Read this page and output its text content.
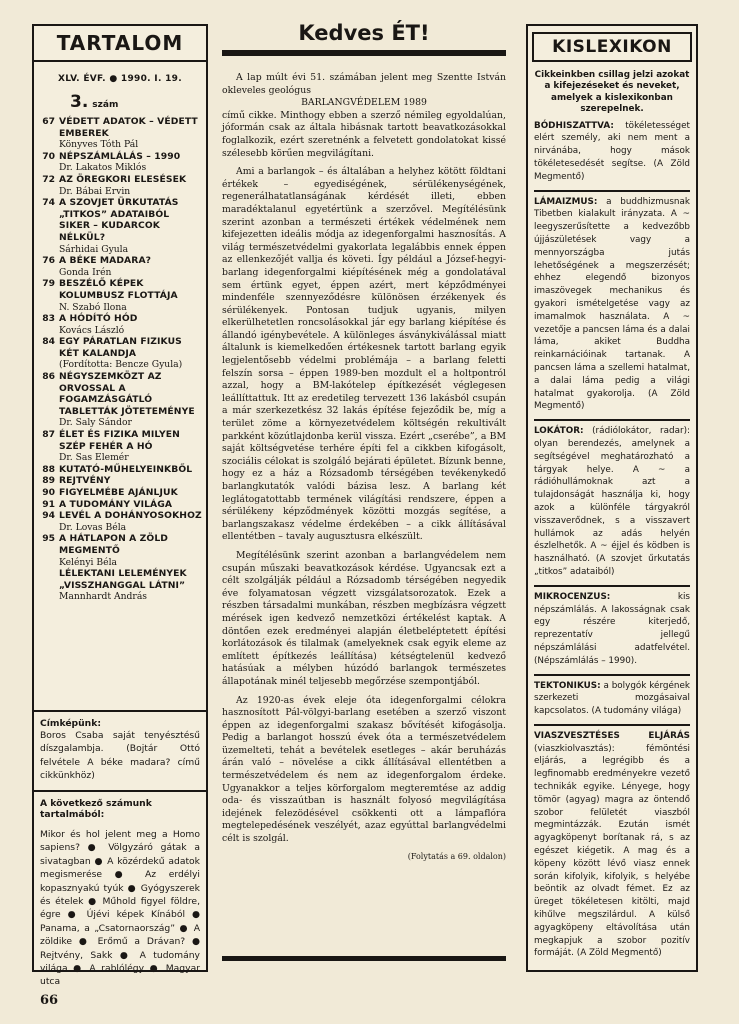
TARTALOM
XLV. ÉVF. ● 1990. I. 19.
3. szám
67 VÉDETT ADATOK – VÉDETT EMBEREK
Könyves Tóth Pál
70 NÉPSZÁMLÁLÁS – 1990
Dr. Lakatos Miklós
72 AZ ÖREGKORI ELESÉSEK
Dr. Bábai Ervin
74 A SZOVJET ÜRKUTATÁS „TITKOS” ADATAIBÓL SIKER – KUDARCOK NÉLKÜL?
Sárhidai Gyula
76 A BÉKE MADARA?
Gonda Irén
79 BESZÉLŐ KÉPEK KOLUMBUSZ FLOTTÁJA
N. Szabó Ilona
83 A HÓDÍTÓ HÓD
Kovács László
84 EGY PÁRATLAN FIZIKUS KÉT KALANDJA
(Fordította: Bencze Gyula)
86 NÉGYSZEMKÖZT AZ ORVOSSAL A FOGAMZÁSGÁTLÓ TABLETTÁK JÖTETEMÉNYE
Dr. Saly Sándor
87 ÉLET ÉS FIZIKA MILYEN SZÉP FEHÉR A HÓ
Dr. Sas Elemér
88 KUTATÓ-MŰHELYEINKBŐL
89 REJTVÉNY
90 FIGYELMÉBE AJÁNLJUK
91 A TUDOMÁNY VILÁGA
94 LEVÉL A DOHÁNYOSOKHOZ
Dr. Lovas Béla
95 A HÁTLAPON A ZÖLD MEGMENTŐ
Kelényi Béla
LÉLEKTANI LELEMÉNYEK „VISSZHANGGAL LÁTNI”
Mannhardt András
Címképünk:
Boros Csaba saját tenyésztésű díszgalambja. (Bojtár Ottó felvétele A béke madara? című cikkünkhöz)
A következő számunk tartalmából:
Mikor és hol jelent meg a Homo sapiens? ● Völgyzáró gátak a sivatagban ● A közérdekű adatok megismerése ● Az erdélyi kopasznyakú tyúk ● Gyógyszerek és ételek ● Műhold figyel földre, égre ● Újévi képek Kínából ● Panama, a „Csatornaország” ● A zöldike ● Erőmű a Drávan? ● Rejtvény, Sakk ● A tudomány világa ● A rablólégy ● Magyar utca
Kedves ÉT!

A lap múlt évi 51. számában jelent meg Szentte István okleveles geológus

BARLANGVÉDELEM 1989

című cikke. Minthogy ebben a szerző némileg egyoldalúan, jóformán csak az általa hibásnak tartott beavatkozásokkal foglalkozik, ezért szeretnénk a felvetett gondolatokat kissé szélesebb körűen megvilágítani.

Ami a barlangok – és általában a helyhez kötött földtani értékek – egyediségének, sérülékenységének, regenerálhatatlanságának kérdését illeti, ebben maradéktalanul egyetértünk a szerzővel. Megítélésünk szerint azonban a természeti értékek védelmének nem kifejezetten ideális módja az idegenforgalmi hasznosítás. A világ természetvédelmi gyakorlata legalábbis ennek éppen az ellenkezőjét vallja és követi. Így például a József-hegyi-barlang idegenforgalmi kiépítésének még a gondolatával sem értünk egyet, éppen azért, mert képződményei mindenféle szennyeződésre különösen érzékenyek és sérülékenyek. Pontosan tudjuk ugyanis, milyen elkerülhetetlen roncsolásokkal jár egy barlang kiépítése és állandó igénybevétele. A különleges ásványkiválással miatt általunk is kiemelkedően értékesnek tartott barlang egyik legjelentősebb védelmi problémája – a barlang feletti felszín sorsa – éppen 1989-ben mozdult el a holtpontról azzal, hogy a BM-lakótelep építkezését véglegesen leállíttattuk. Itt az eredetileg tervezett 136 lakásból csupán a már szerkezetkész 32 lakás építése fejeződik be, míg a terület zöme a környezetvédelem költségén rekultivált parkként közútlajdonba kerül vissza. Ezért „cserébe”, a BM saját költségvetése terhére építi fel a cikkben kifogásolt, szociális célokat is szolgáló bejárati épületet. Bízunk benne, hogy ez a ház a Rózsadomb térségében tevékenykedő barlangkutatók valódi bázisa lesz. A barlang két leglátogatottabb termének világítási rendszere, éppen a sérülékeny képződmények közötti mozgás segítése, a barlangszakasz védelme érdekében – a cikk állításával ellentétben – tavaly augusztusra elkészült.

Megítélésünk szerint azonban a barlangvédelem nem csupán műszaki beavatkozások kérdése. Ugyancsak ezt a célt szolgálják például a Rózsadomb térségében negyedik éve folyamatosan végzett vizsgálatsorozatok. Ezek a részben társadalmi munkában, részben megbízásra végzett mérések igen kedvező nemzetközi értékelést kaptak. A döntően ezek eredményei alapján életbeléptetett építési korlátozások és tilalmak (amelyeknek csak egyik eleme az említett építkezés leállítása) kétségtelenül kedvező hatásúak a mélyben húzódó barlangok természetes állapotának minél teljesebb megőrzése szempontjából.

Az 1920-as évek eleje óta idegenforgalmi célokra hasznosított Pál-völgyi-barlang esetében a szerző viszont éppen az idegenforgalmi szakasz bővítését kifogásolja. Pedig a barlangot hosszú évek óta a természetvédelem üzemelteti, tehát a bevételek esetleges – akár beruházás árán való – növelése a cikk állításával ellentétben a természetvédelem és nem az idegenforgalom érdeke. Ugyanakkor a teljes körforgalom megteremtése az addig oda- és visszaútban is használt folyosó megvilágítása idejének felezödésével csökkenti ott a lámpaflóra megtelepedésének veszélyét, azaz egyúttal barlangvédelmi célt is szolgál.

(Folytatás a 69. oldalon)
KISLEXIKON
Cikkeinkben csillag jelzi azokat a kifejezéseket és neveket, amelyek a kislexikonban szerepelnek.
BÓDHISZATTVA: tökéletességet elért személy, aki nem ment a nirvánába, hogy mások tökéletesedését segítse. (A Zöld Megmentő)
LÁMAIZMUS: a buddhizmusnak Tibetben kialakult irányzata. A ~ leegyszerűsítette a kedvezőbb újjászületések vagy a mennyországba jutás lehetőségének a megszerzését; ehhez elegendő bizonyos imaszövegek mechanikus és gyakori ismételgetése vagy az imamalmok használata. A ~ vezetője a pancsen láma és a dalai láma, akiket Buddha reinkarnációinak tartanak. A pancsen láma a szellemi hatalmat, a dalai láma pedig a világi hatalmat gyakorolja. (A Zöld Megmentő)
LOKÁTOR: (rádiólokátor, radar): olyan berendezés, amelynek a segítségével meghatározható a tárgyak helye. A ~ a rádióhullámoknak azt a tulajdonságát használja ki, hogy azok a különféle tárgyakról visszaverődnek, s a visszavert hullámok az adás helyén észlelhetők. A ~ éjjel és ködben is használható. (A szovjet űrkutatás „titkos” adataiból)
MIKROCENZUS:	kis népszámlálás. A lakosságnak csak egy részére kiterjedő, reprezentatív jellegű népszámlálási adatfelvétel. (Népszámlálás – 1990).
TEKTONIKUS: a bolygók kérgének szerkezeti mozgásaival kapcsolatos. (A tudomány világa)
VIASZVESZTÉSES ELJÁRÁS (viaszkiolvasztás): fémöntési eljárás, a legrégibb és a legfinomabb eredményekre vezető technikák egyike. Lényege, hogy tömör (agyag) magra az öntendő szobor felületét viaszból megmintázzák. Ezután ismét agyagköpenyt borítanak rá, s az egészet kiégetik. A mag és a köpeny között lévő viasz ennek során kifolyik, kifolyik, s helyébe beöntik az olvadt fémet. Ez az üreget tökéletesen kitölti, majd kihűlve megszilárdul. A külső agyagköpeny eltávolítása után megkapjuk a szobor pozitív formáját. (A Zöld Megmentő)
66
